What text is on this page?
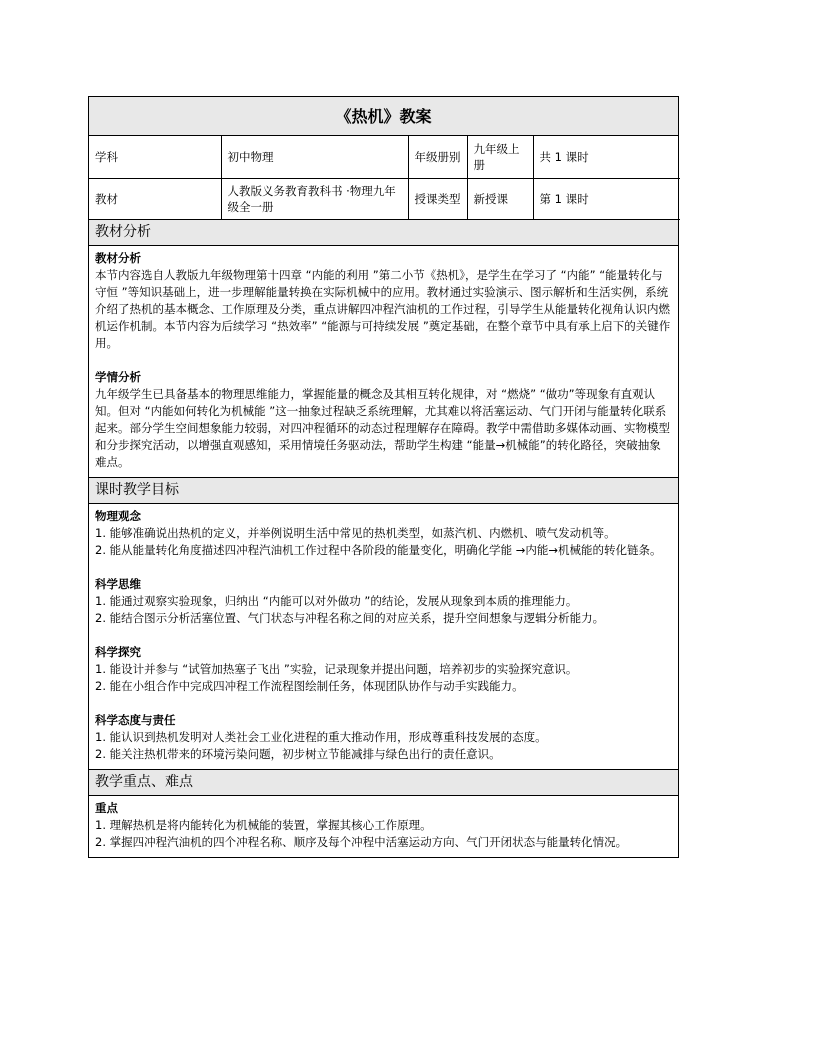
《热机》教案
学科	初中物理	年级册别	九年级上册	共 1 课时
教材	人教版义务教育教科书 ·物理九年级全一册	授课类型	新授课	第 1 课时
教材分析

教材分析

本节内容选自人教版九年级物理第十四章 “内能的利用 ”第二小节《热机》，是学生在学习了 “内能” “能量转化与守恒 ”等知识基础上，进一步理解能量转换在实际机械中的应用。教材通过实验演示、图示解析和生活实例，系统介绍了热机的基本概念、工作原理及分类，重点讲解四冲程汽油机的工作过程，引导学生从能量转化视角认识内燃机运作机制。本节内容为后续学习 “热效率” “能源与可持续发展 ”奠定基础，在整个章节中具有承上启下的关键作用。

学情分析

九年级学生已具备基本的物理思维能力，掌握能量的概念及其相互转化规律，对 “燃烧” “做功”等现象有直观认知。但对 “内能如何转化为机械能 ”这一抽象过程缺乏系统理解，尤其难以将活塞运动、气门开闭与能量转化联系起来。部分学生空间想象能力较弱，对四冲程循环的动态过程理解存在障碍。教学中需借助多媒体动画、实物模型和分步探究活动，以增强直观感知，采用情境任务驱动法，帮助学生构建 “能量→机械能”的转化路径，突破抽象难点。

课时教学目标

物理观念

1. 能够准确说出热机的定义，并举例说明生活中常见的热机类型，如蒸汽机、内燃机、喷气发动机等。

2. 能从能量转化角度描述四冲程汽油机工作过程中各阶段的能量变化，明确化学能 →内能→机械能的转化链条。

科学思维

1. 能通过观察实验现象，归纳出 “内能可以对外做功 ”的结论，发展从现象到本质的推理能力。

2. 能结合图示分析活塞位置、气门状态与冲程名称之间的对应关系，提升空间想象与逻辑分析能力。

科学探究

1. 能设计并参与 “试管加热塞子飞出 ”实验，记录现象并提出问题，培养初步的实验探究意识。

2. 能在小组合作中完成四冲程工作流程图绘制任务，体现团队协作与动手实践能力。

科学态度与责任

1. 能认识到热机发明对人类社会工业化进程的重大推动作用，形成尊重科技发展的态度。

2. 能关注热机带来的环境污染问题，初步树立节能减排与绿色出行的责任意识。

教学重点、难点

重点

1. 理解热机是将内能转化为机械能的装置，掌握其核心工作原理。

2. 掌握四冲程汽油机的四个冲程名称、顺序及每个冲程中活塞运动方向、气门开闭状态与能量转化情况。
